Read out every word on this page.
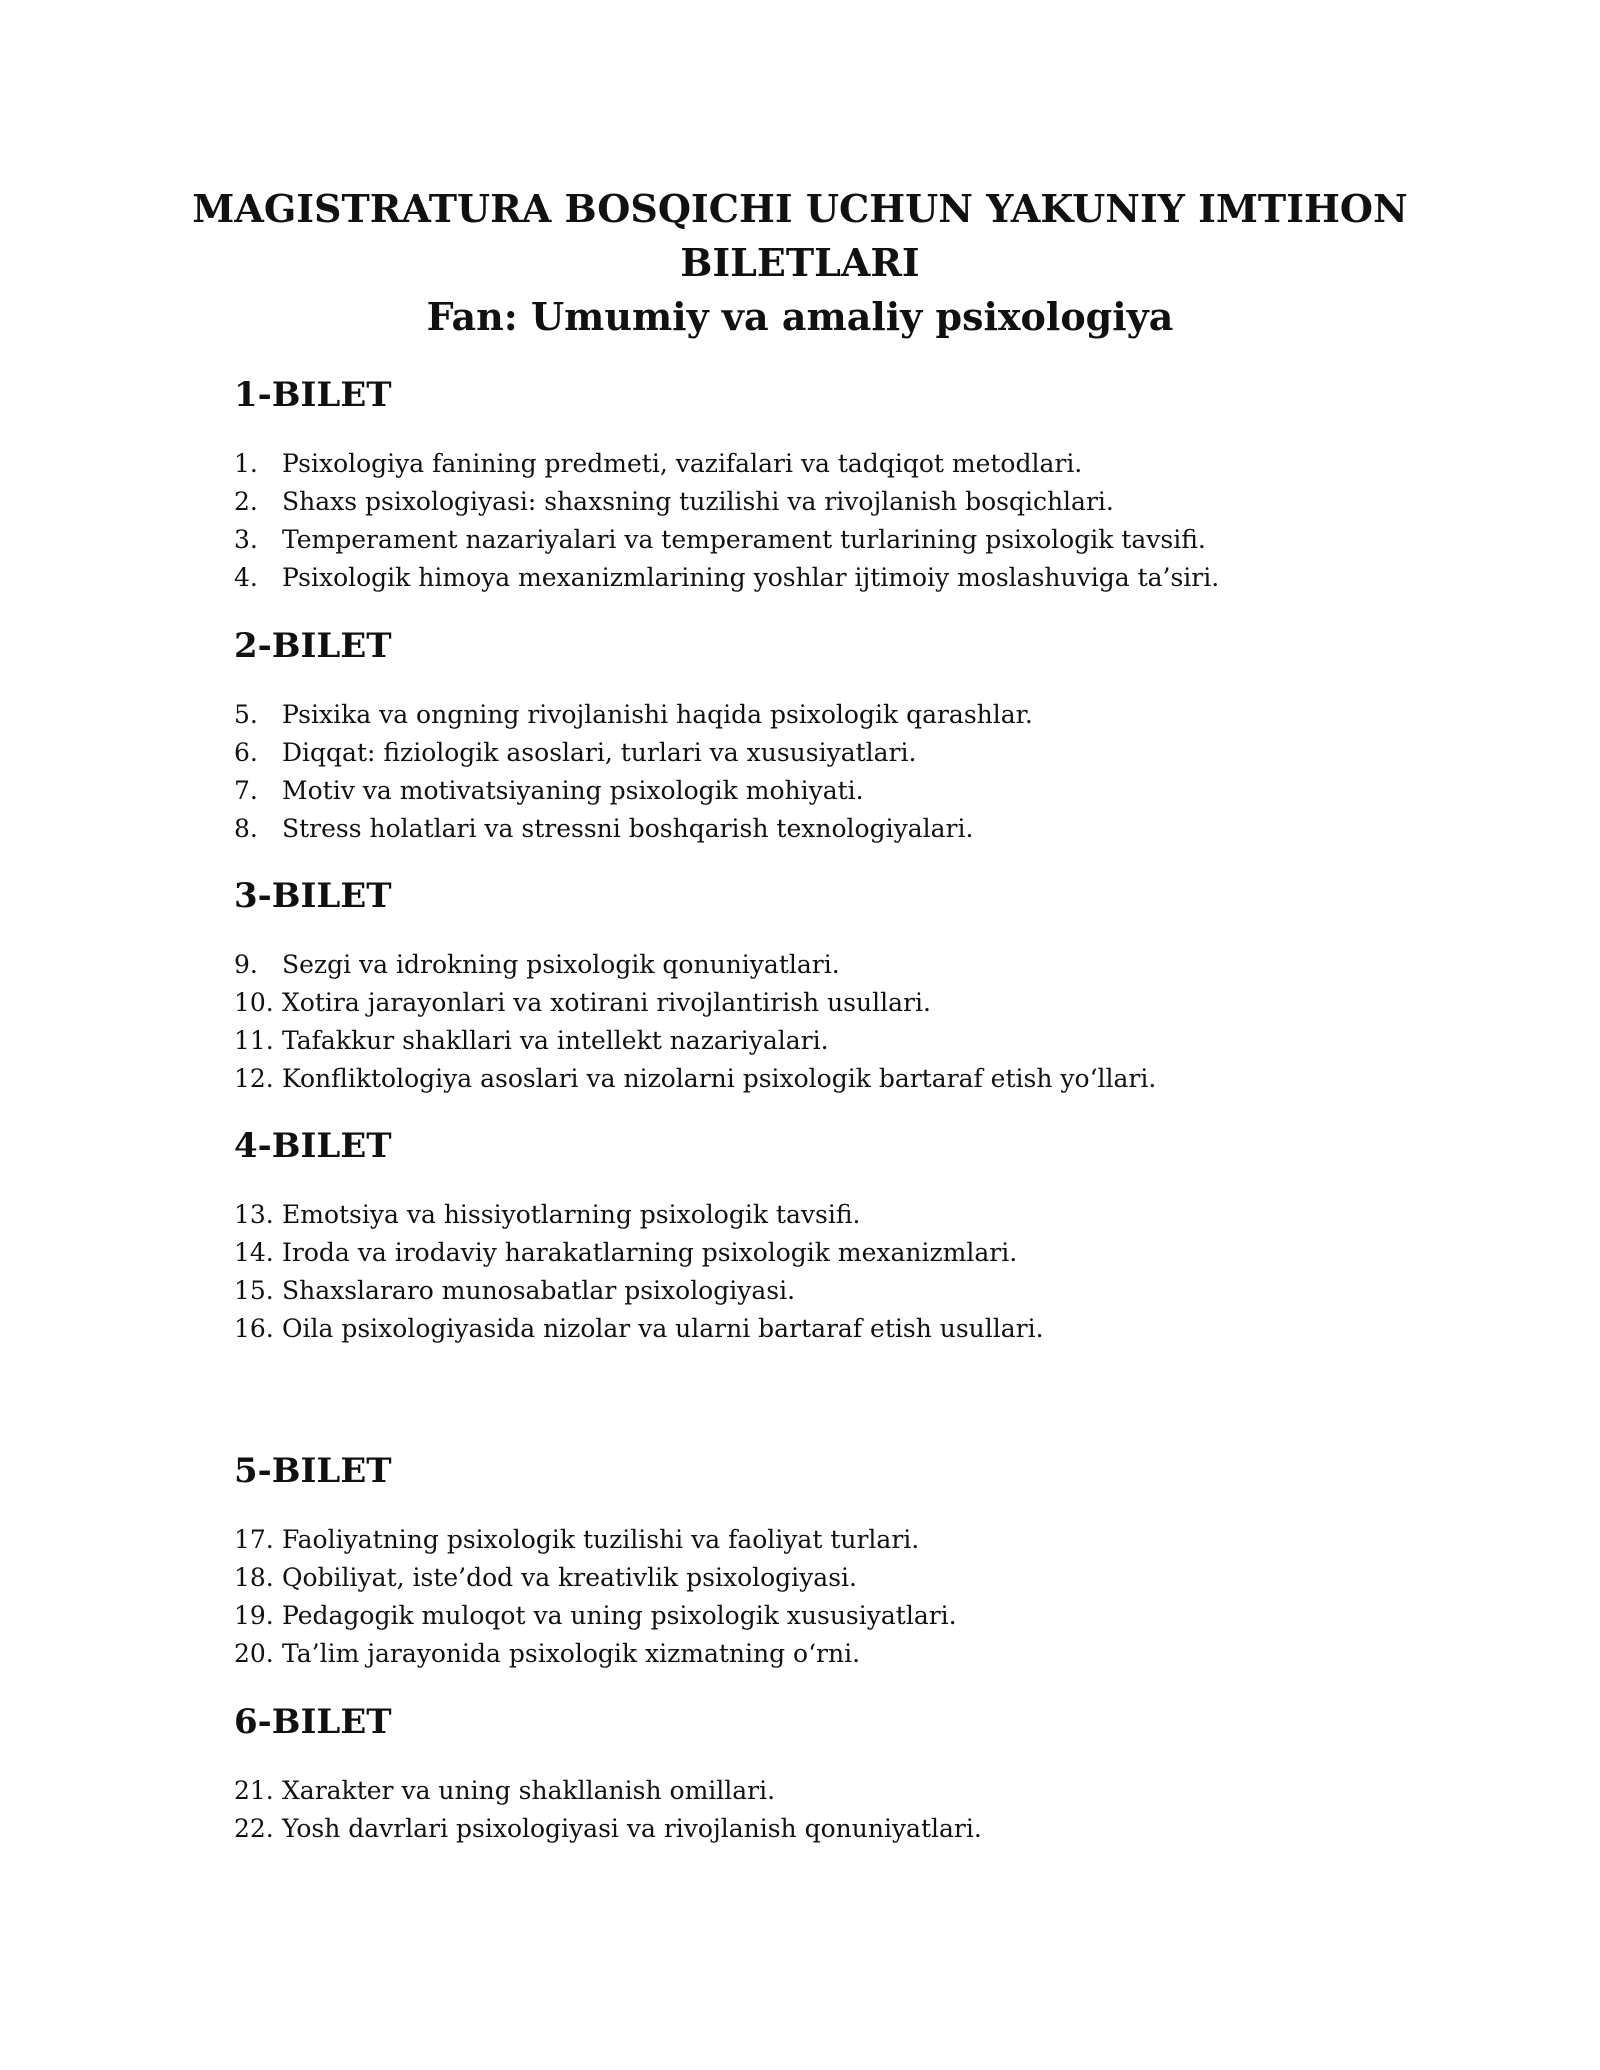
MAGISTRATURA BOSQICHI UCHUN YAKUNIY IMTIHON
BILETLARI
Fan: Umumiy va amaliy psixologiya
1-BILET
1. Psixologiya fanining predmeti, vazifalari va tadqiqot metodlari.
2. Shaxs psixologiyasi: shaxsning tuzilishi va rivojlanish bosqichlari.
3. Temperament nazariyalari va temperament turlarining psixologik tavsifi.
4. Psixologik himoya mexanizmlarining yoshlar ijtimoiy moslashuviga ta’siri.
2-BILET
5. Psixika va ongning rivojlanishi haqida psixologik qarashlar.
6. Diqqat: fiziologik asoslari, turlari va xususiyatlari.
7. Motiv va motivatsiyaning psixologik mohiyati.
8. Stress holatlari va stressni boshqarish texnologiyalari.
3-BILET
9. Sezgi va idrokning psixologik qonuniyatlari.
10. Xotira jarayonlari va xotirani rivojlantirish usullari.
11. Tafakkur shakllari va intellekt nazariyalari.
12. Konfliktologiya asoslari va nizolarni psixologik bartaraf etish yo‘llari.
4-BILET
13. Emotsiya va hissiyotlarning psixologik tavsifi.
14. Iroda va irodaviy harakatlarning psixologik mexanizmlari.
15. Shaxslararo munosabatlar psixologiyasi.
16. Oila psixologiyasida nizolar va ularni bartaraf etish usullari.
5-BILET
17. Faoliyatning psixologik tuzilishi va faoliyat turlari.
18. Qobiliyat, iste’dod va kreativlik psixologiyasi.
19. Pedagogik muloqot va uning psixologik xususiyatlari.
20. Ta’lim jarayonida psixologik xizmatning o‘rni.
6-BILET
21. Xarakter va uning shakllanish omillari.
22. Yosh davrlari psixologiyasi va rivojlanish qonuniyatlari.
